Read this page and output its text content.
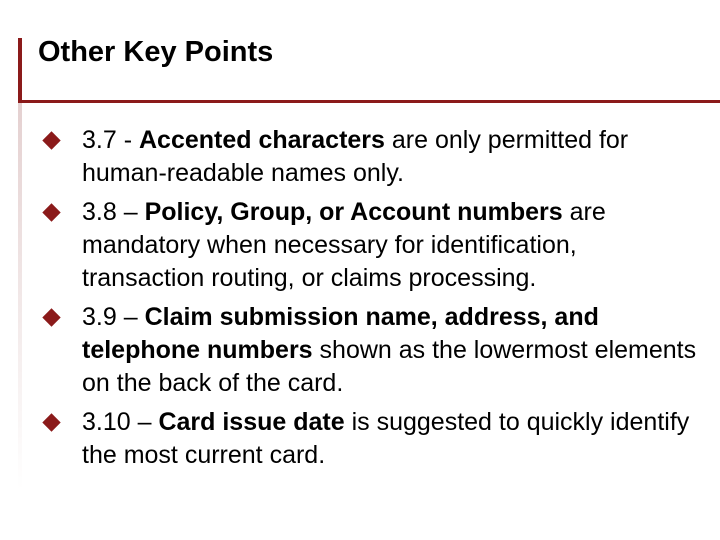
Other Key Points
3.7 - Accented characters are only permitted for human-readable names only.
3.8 – Policy, Group, or Account numbers are mandatory when necessary for identification, transaction routing, or claims processing.
3.9 – Claim submission name, address, and telephone numbers shown as the lowermost elements on the back of the card.
3.10 – Card issue date is suggested to quickly identify the most current card.
